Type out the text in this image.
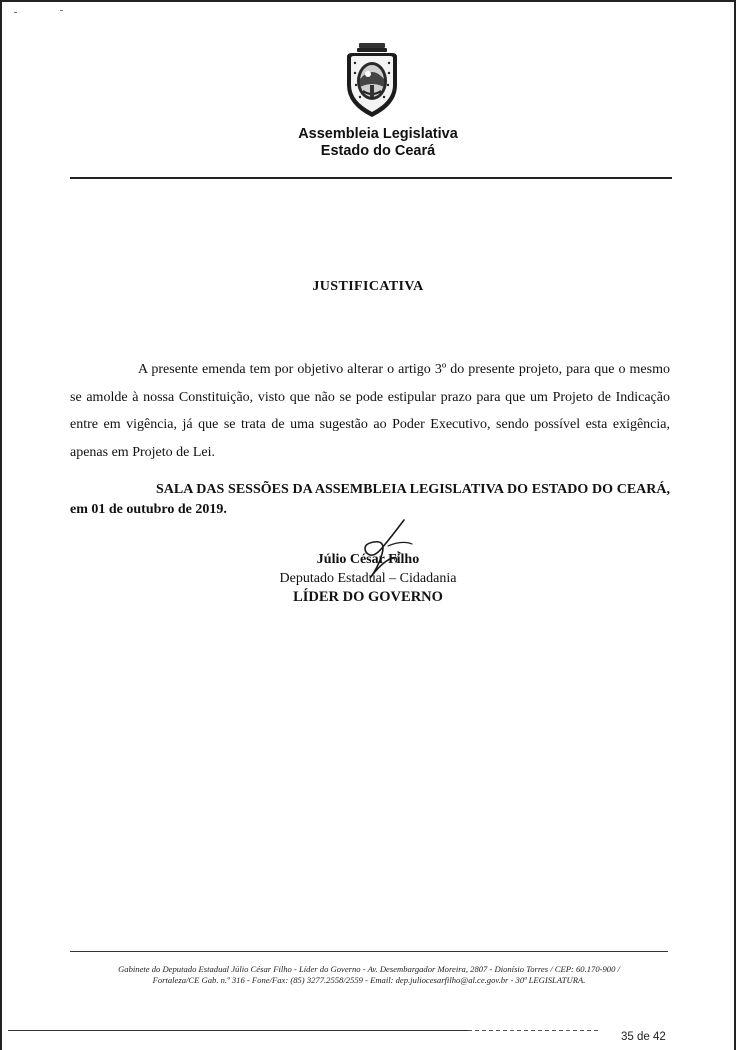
Assembleia Legislativa
Estado do Ceará
JUSTIFICATIVA
A presente emenda tem por objetivo alterar o artigo 3º do presente projeto, para que o mesmo se amolde à nossa Constituição, visto que não se pode estipular prazo para que um Projeto de Indicação entre em vigência, já que se trata de uma sugestão ao Poder Executivo, sendo possível esta exigência, apenas em Projeto de Lei.
SALA DAS SESSÕES DA ASSEMBLEIA LEGISLATIVA DO ESTADO DO CEARÁ, em 01 de outubro de 2019.
Júlio César Filho
Deputado Estadual – Cidadania
LÍDER DO GOVERNO
Gabinete do Deputado Estadual Júlio César Filho - Líder do Governo - Av. Desembargador Moreira, 2807 - Dionísio Torres / CEP: 60.170-900 /
Fortaleza/CE Gab. n.º 316 - Fone/Fax: (85) 3277.2558/2559 - Email: dep.juliocesarfilho@al.ce.gov.br - 30ª LEGISLATURA.
35 de 42
